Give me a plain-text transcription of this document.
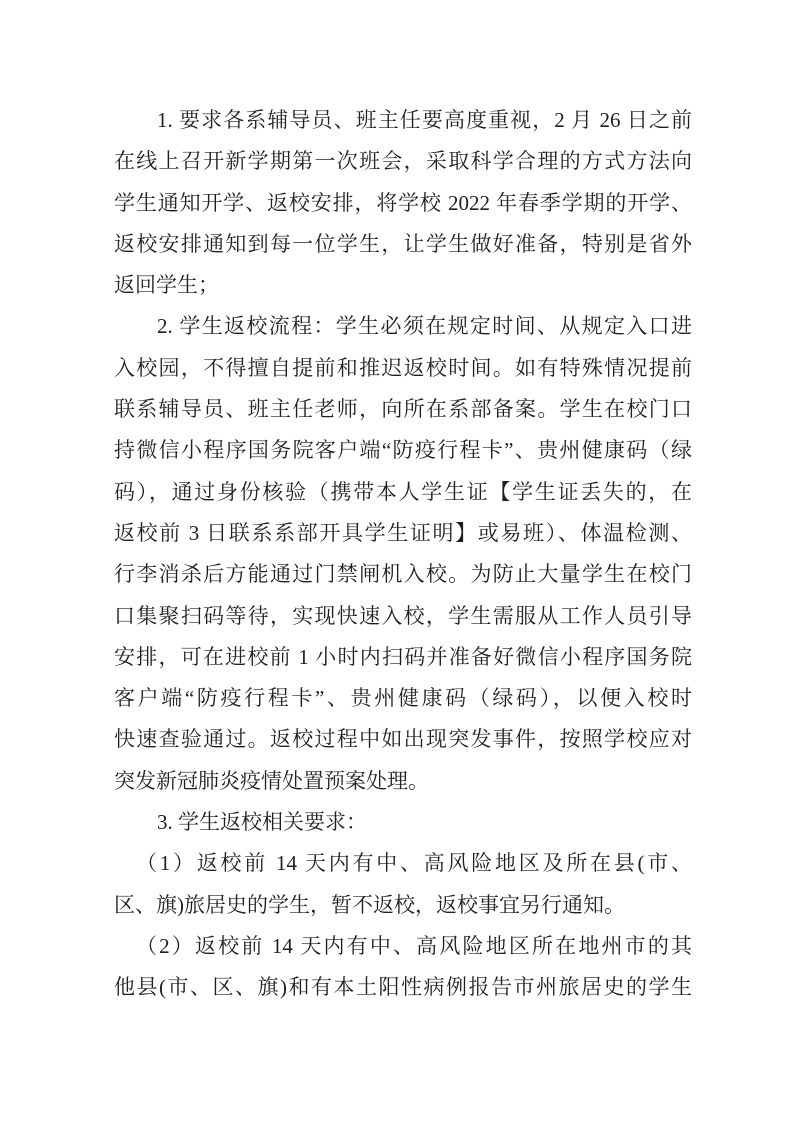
1. 要求各系辅导员、班主任要高度重视，2 月 26 日之前
在线上召开新学期第一次班会，采取科学合理的方式方法向
学生通知开学、返校安排，将学校 2022 年春季学期的开学、
返校安排通知到每一位学生，让学生做好准备，特别是省外
返回学生；
2. 学生返校流程：学生必须在规定时间、从规定入口进
入校园，不得擅自提前和推迟返校时间。如有特殊情况提前
联系辅导员、班主任老师，向所在系部备案。学生在校门口
持微信小程序国务院客户端“防疫行程卡”、贵州健康码（绿
码），通过身份核验（携带本人学生证【学生证丢失的，在
返校前 3 日联系系部开具学生证明】或易班）、体温检测、
行李消杀后方能通过门禁闸机入校。为防止大量学生在校门
口集聚扫码等待，实现快速入校，学生需服从工作人员引导
安排，可在进校前 1 小时内扫码并准备好微信小程序国务院
客户端“防疫行程卡”、贵州健康码（绿码），以便入校时
快速查验通过。返校过程中如出现突发事件，按照学校应对
突发新冠肺炎疫情处置预案处理。
3. 学生返校相关要求：
（1）返校前 14 天内有中、高风险地区及所在县(市、
区、旗)旅居史的学生，暂不返校，返校事宜另行通知。
（2）返校前 14 天内有中、高风险地区所在地州市的其
他县(市、区、旗)和有本土阳性病例报告市州旅居史的学生
